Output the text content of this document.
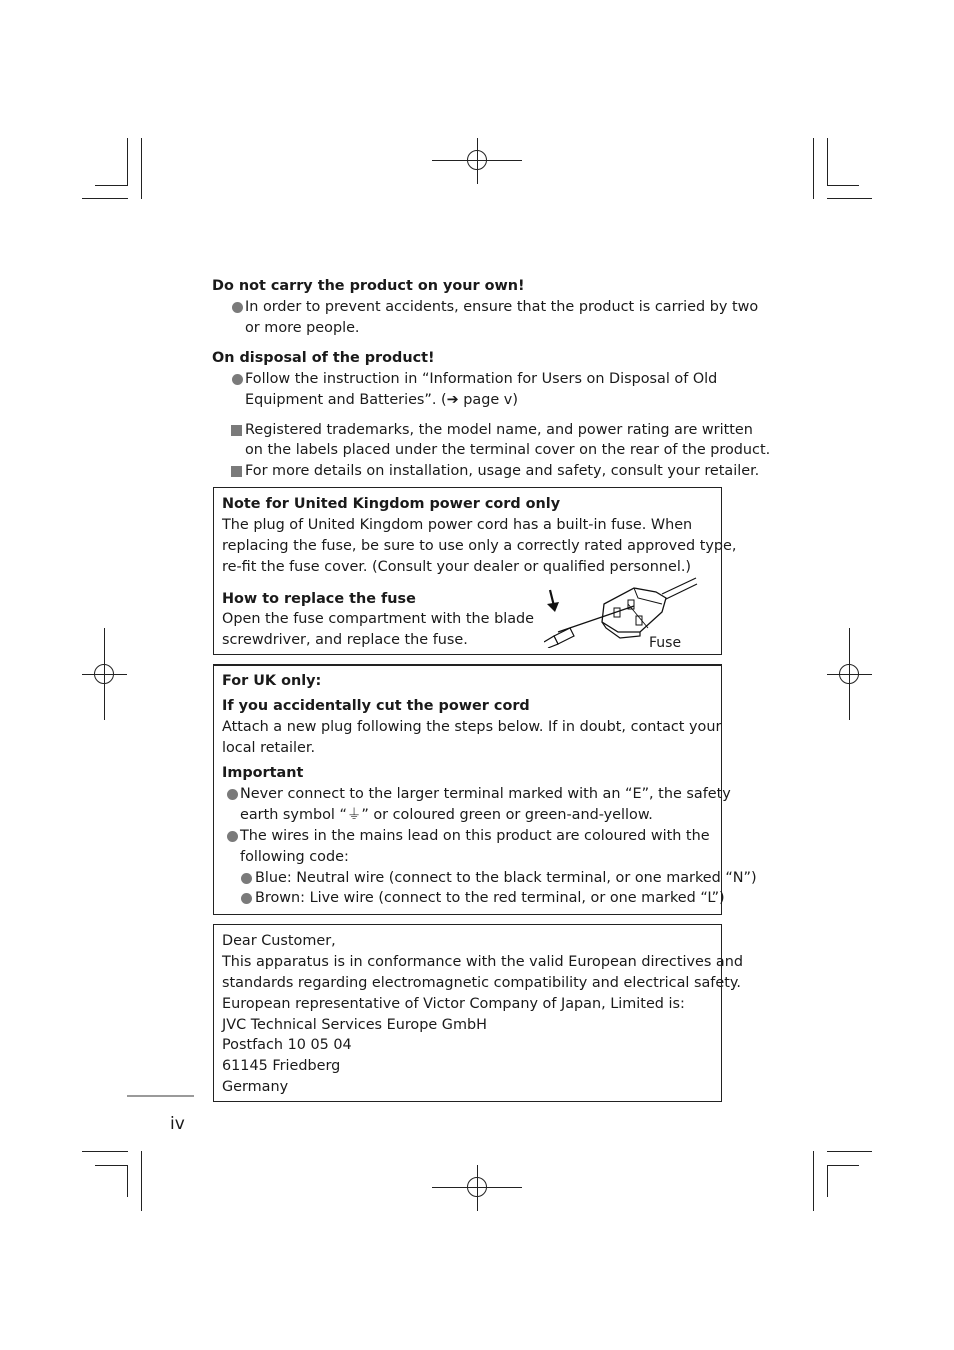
Do not carry the product on your own!
In order to prevent accidents, ensure that the product is carried by two
or more people.
On disposal of the product!
Follow the instruction in “Information for Users on Disposal of Old
Equipment and Batteries”. (➔ page v)
Registered trademarks, the model name, and power rating are written
on the labels placed under the terminal cover on the rear of the product.
For more details on installation, usage and safety, consult your retailer.
Note for United Kingdom power cord only
The plug of United Kingdom power cord has a built-in fuse. When
replacing the fuse, be sure to use only a correctly rated approved type,
re-fit the fuse cover. (Consult your dealer or qualified personnel.)
How to replace the fuse
Open the fuse compartment with the blade
screwdriver, and replace the fuse.	Fuse
For UK only:
If you accidentally cut the power cord
Attach a new plug following the steps below. If in doubt, contact your
local retailer.
Important
Never connect to the larger terminal marked with an “E”, the safety
earth symbol “⏚” or coloured green or green-and-yellow.
The wires in the mains lead on this product are coloured with the
following code:
Blue: Neutral wire (connect to the black terminal, or one marked “N”)
Brown: Live wire (connect to the red terminal, or one marked “L”)
Dear Customer,
This apparatus is in conformance with the valid European directives and
standards regarding electromagnetic compatibility and electrical safety.
European representative of Victor Company of Japan, Limited is:
JVC Technical Services Europe GmbH
Postfach 10 05 04
61145 Friedberg
Germany
iv
